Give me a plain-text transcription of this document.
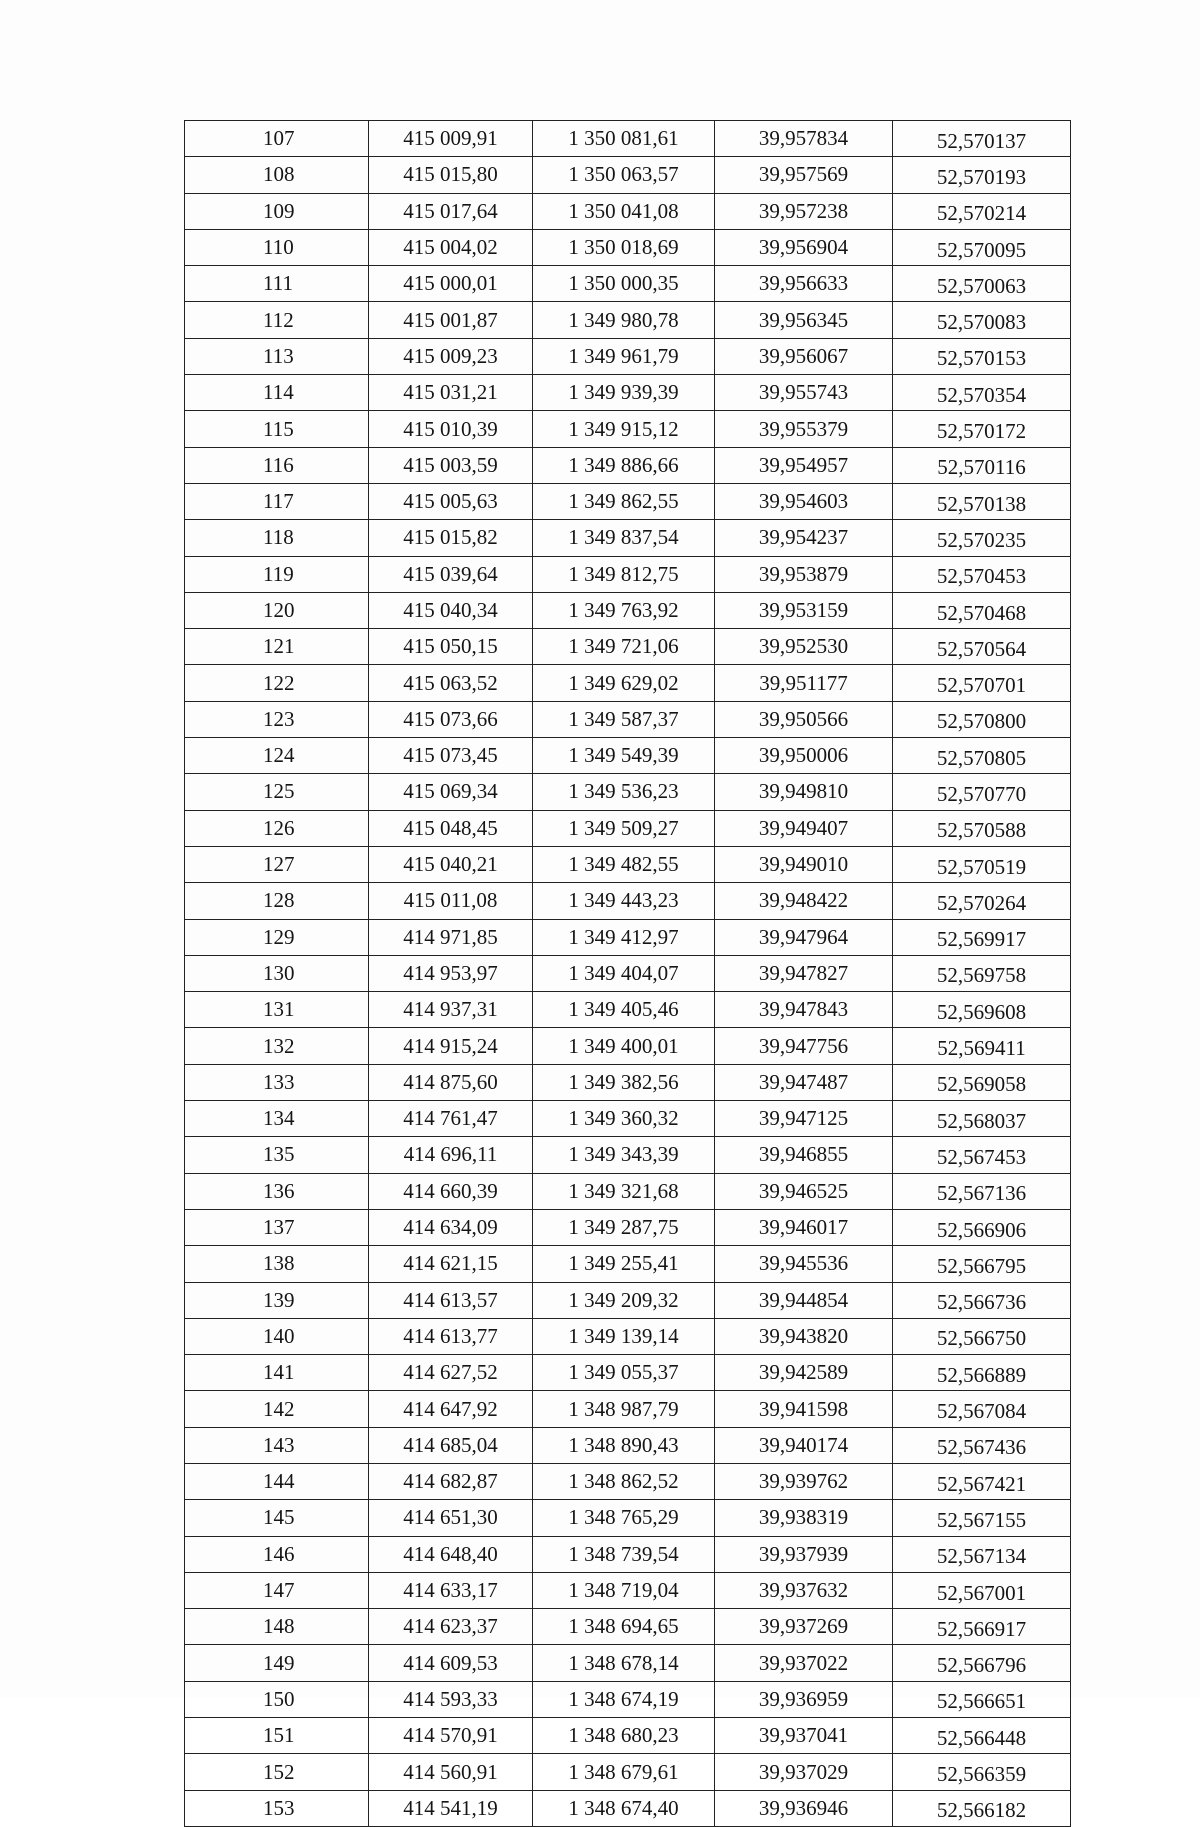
107	415 009,91	1 350 081,61	39,957834	52,570137
108	415 015,80	1 350 063,57	39,957569	52,570193
109	415 017,64	1 350 041,08	39,957238	52,570214
110	415 004,02	1 350 018,69	39,956904	52,570095
111	415 000,01	1 350 000,35	39,956633	52,570063
112	415 001,87	1 349 980,78	39,956345	52,570083
113	415 009,23	1 349 961,79	39,956067	52,570153
114	415 031,21	1 349 939,39	39,955743	52,570354
115	415 010,39	1 349 915,12	39,955379	52,570172
116	415 003,59	1 349 886,66	39,954957	52,570116
117	415 005,63	1 349 862,55	39,954603	52,570138
118	415 015,82	1 349 837,54	39,954237	52,570235
119	415 039,64	1 349 812,75	39,953879	52,570453
120	415 040,34	1 349 763,92	39,953159	52,570468
121	415 050,15	1 349 721,06	39,952530	52,570564
122	415 063,52	1 349 629,02	39,951177	52,570701
123	415 073,66	1 349 587,37	39,950566	52,570800
124	415 073,45	1 349 549,39	39,950006	52,570805
125	415 069,34	1 349 536,23	39,949810	52,570770
126	415 048,45	1 349 509,27	39,949407	52,570588
127	415 040,21	1 349 482,55	39,949010	52,570519
128	415 011,08	1 349 443,23	39,948422	52,570264
129	414 971,85	1 349 412,97	39,947964	52,569917
130	414 953,97	1 349 404,07	39,947827	52,569758
131	414 937,31	1 349 405,46	39,947843	52,569608
132	414 915,24	1 349 400,01	39,947756	52,569411
133	414 875,60	1 349 382,56	39,947487	52,569058
134	414 761,47	1 349 360,32	39,947125	52,568037
135	414 696,11	1 349 343,39	39,946855	52,567453
136	414 660,39	1 349 321,68	39,946525	52,567136
137	414 634,09	1 349 287,75	39,946017	52,566906
138	414 621,15	1 349 255,41	39,945536	52,566795
139	414 613,57	1 349 209,32	39,944854	52,566736
140	414 613,77	1 349 139,14	39,943820	52,566750
141	414 627,52	1 349 055,37	39,942589	52,566889
142	414 647,92	1 348 987,79	39,941598	52,567084
143	414 685,04	1 348 890,43	39,940174	52,567436
144	414 682,87	1 348 862,52	39,939762	52,567421
145	414 651,30	1 348 765,29	39,938319	52,567155
146	414 648,40	1 348 739,54	39,937939	52,567134
147	414 633,17	1 348 719,04	39,937632	52,567001
148	414 623,37	1 348 694,65	39,937269	52,566917
149	414 609,53	1 348 678,14	39,937022	52,566796
150	414 593,33	1 348 674,19	39,936959	52,566651
151	414 570,91	1 348 680,23	39,937041	52,566448
152	414 560,91	1 348 679,61	39,937029	52,566359
153	414 541,19	1 348 674,40	39,936946	52,566182
